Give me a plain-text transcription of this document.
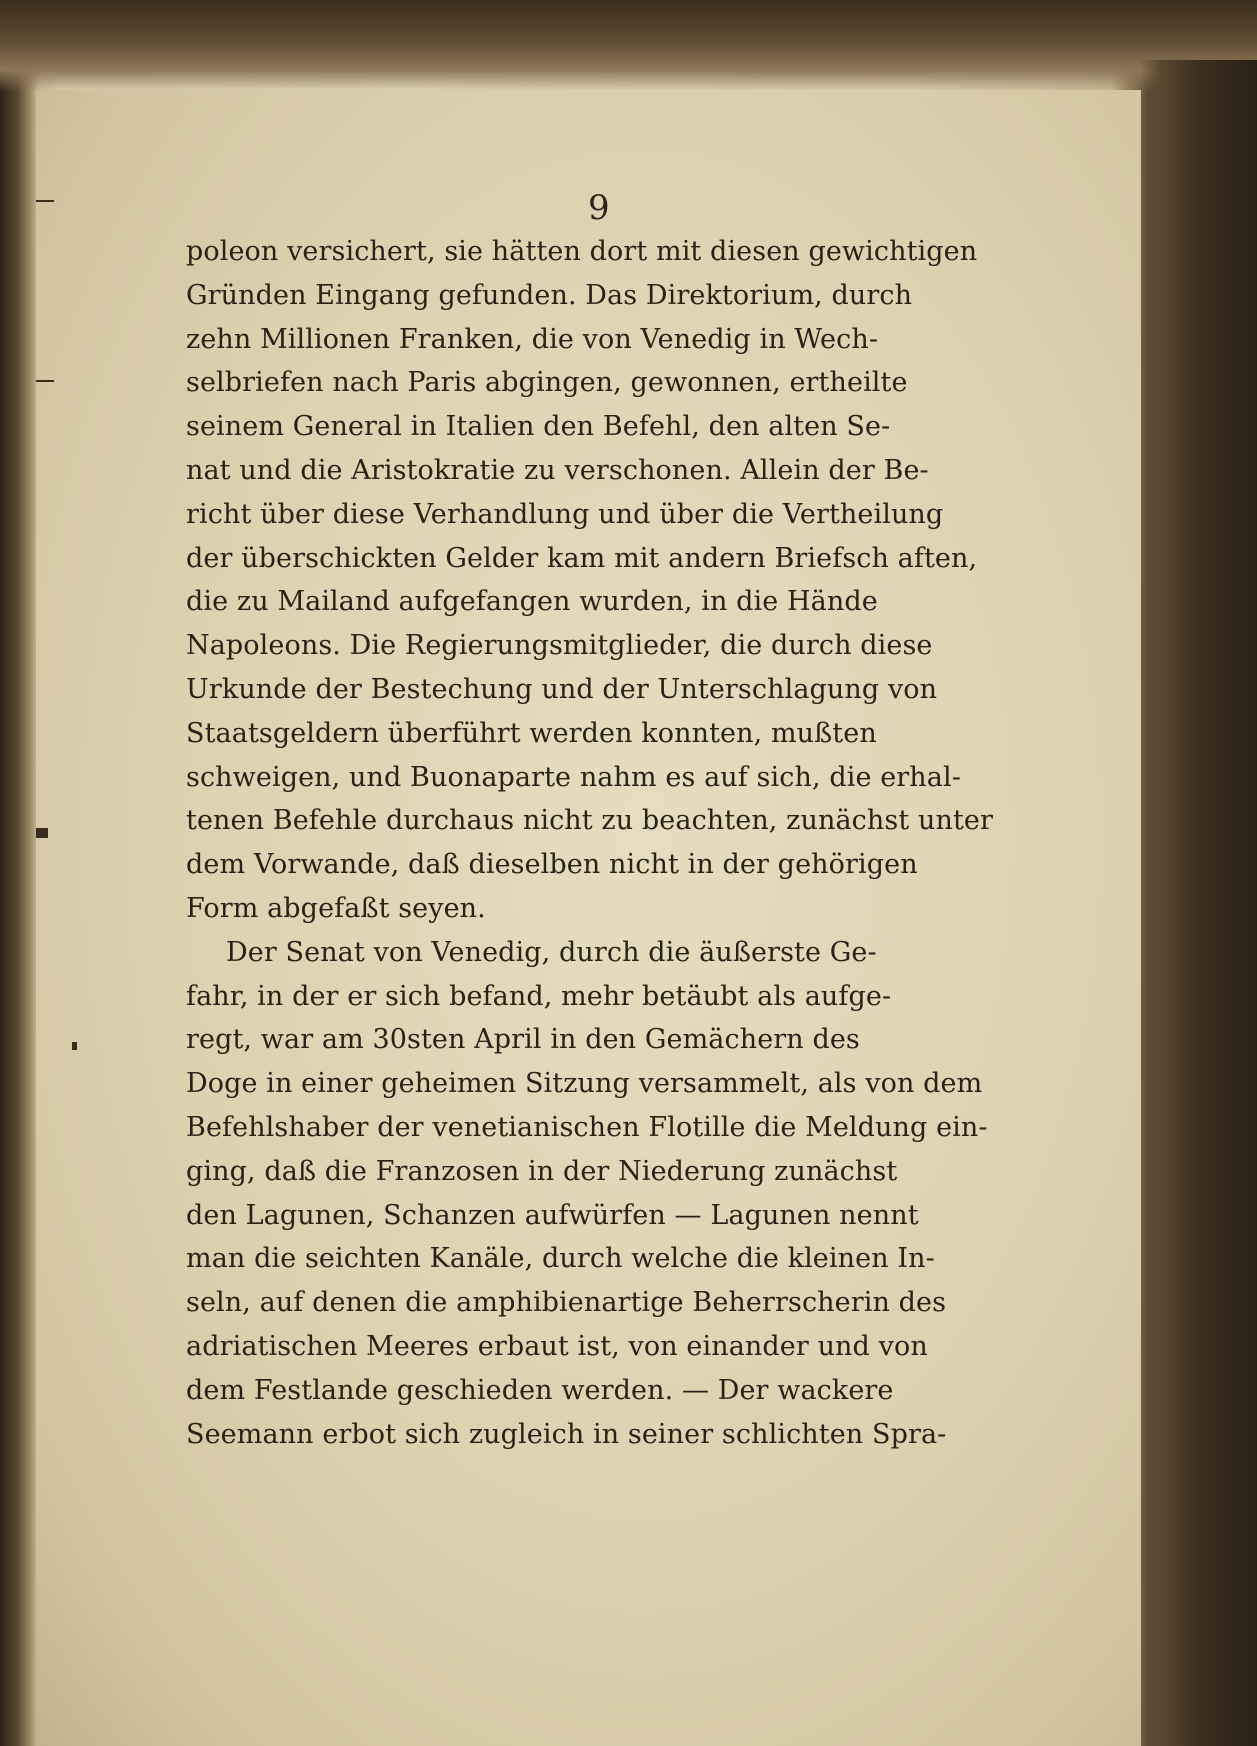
9
poleon versichert, sie hätten dort mit diesen gewichtigen
Gründen Eingang gefunden. Das Direktorium, durch
zehn Millionen Franken, die von Venedig in Wech-
selbriefen nach Paris abgingen, gewonnen, ertheilte
seinem General in Italien den Befehl, den alten Se-
nat und die Aristokratie zu verschonen. Allein der Be-
richt über diese Verhandlung und über die Vertheilung
der überschickten Gelder kam mit andern Briefsch aften,
die zu Mailand aufgefangen wurden, in die Hände
Napoleons. Die Regierungsmitglieder, die durch diese
Urkunde der Bestechung und der Unterschlagung von
Staatsgeldern überführt werden konnten, mußten
schweigen, und Buonaparte nahm es auf sich, die erhal-
tenen Befehle durchaus nicht zu beachten, zunächst unter
dem Vorwande, daß dieselben nicht in der gehörigen
Form abgefaßt seyen.
Der Senat von Venedig, durch die äußerste Ge-
fahr, in der er sich befand, mehr betäubt als aufge-
regt, war am 30sten April in den Gemächern des
Doge in einer geheimen Sitzung versammelt, als von dem
Befehlshaber der venetianischen Flotille die Meldung ein-
ging, daß die Franzosen in der Niederung zunächst
den Lagunen, Schanzen aufwürfen — Lagunen nennt
man die seichten Kanäle, durch welche die kleinen In-
seln, auf denen die amphibienartige Beherrscherin des
adriatischen Meeres erbaut ist, von einander und von
dem Festlande geschieden werden. — Der wackere
Seemann erbot sich zugleich in seiner schlichten Spra-
